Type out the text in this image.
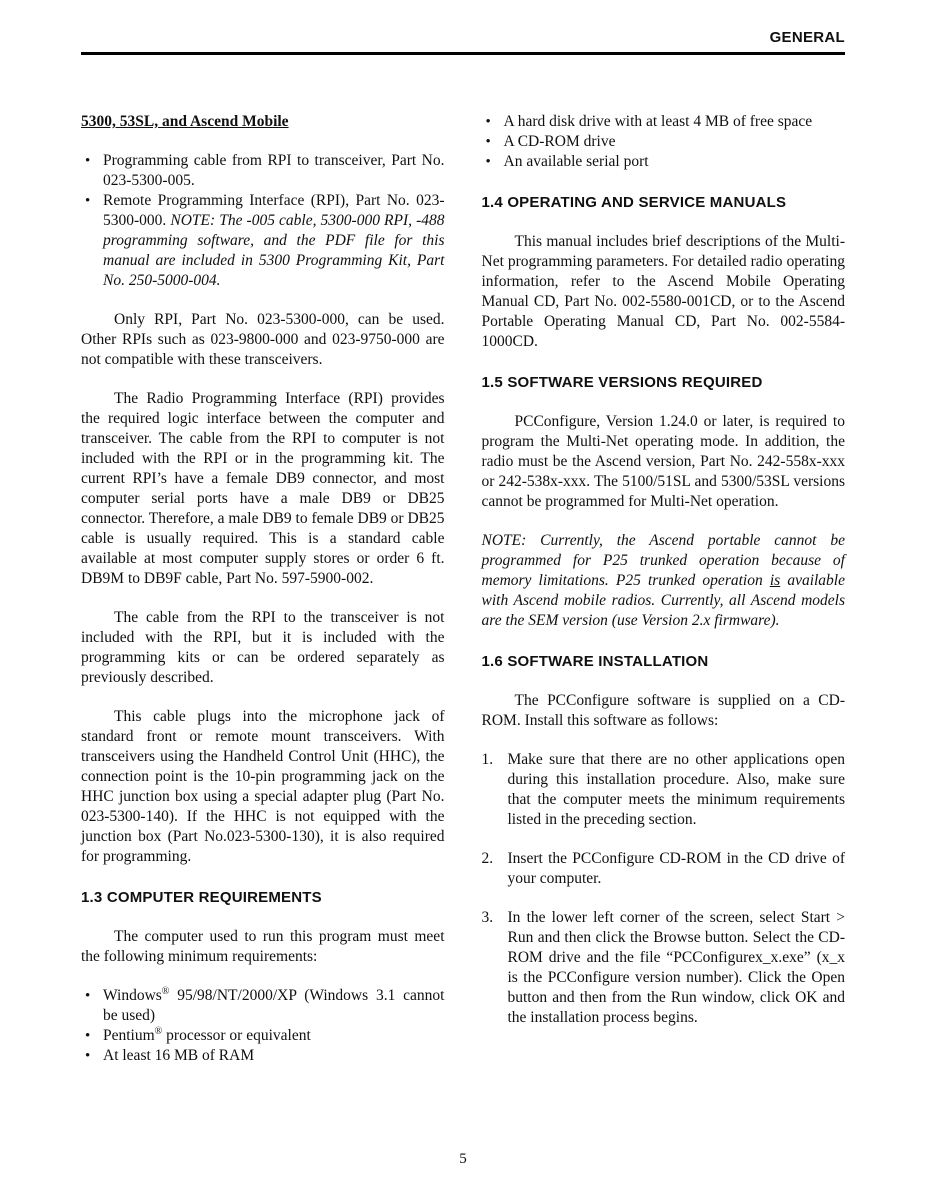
GENERAL
5300, 53SL, and Ascend Mobile
• Programming cable from RPI to transceiver, Part No. 023-5300-005.
• Remote Programming Interface (RPI), Part No. 023-5300-000. NOTE: The -005 cable, 5300-000 RPI, -488 programming software, and the PDF file for this manual are included in 5300 Programming Kit, Part No. 250-5000-004.

Only RPI, Part No. 023-5300-000, can be used. Other RPIs such as 023-9800-000 and 023-9750-000 are not compatible with these transceivers.

The Radio Programming Interface (RPI) provides the required logic interface between the computer and transceiver. The cable from the RPI to computer is not included with the RPI or in the programming kit. The current RPI’s have a female DB9 connector, and most computer serial ports have a male DB9 or DB25 connector. Therefore, a male DB9 to female DB9 or DB25 cable is usually required. This is a standard cable available at most computer supply stores or order 6 ft. DB9M to DB9F cable, Part No. 597-5900-002.

The cable from the RPI to the transceiver is not included with the RPI, but it is included with the programming kits or can be ordered separately as previously described.

This cable plugs into the microphone jack of standard front or remote mount transceivers. With transceivers using the Handheld Control Unit (HHC), the connection point is the 10-pin programming jack on the HHC junction box using a special adapter plug (Part No. 023-5300-140). If the HHC is not equipped with the junction box (Part No.023-5300-130), it is also required for programming.

1.3 COMPUTER REQUIREMENTS

The computer used to run this program must meet the following minimum requirements:

• Windows® 95/98/NT/2000/XP (Windows 3.1 cannot be used)
• Pentium® processor or equivalent
• At least 16 MB of RAM
• A hard disk drive with at least 4 MB of free space
• A CD-ROM drive
• An available serial port
1.4 OPERATING AND SERVICE MANUALS

This manual includes brief descriptions of the Multi-Net programming parameters. For detailed radio operating information, refer to the Ascend Mobile Operating Manual CD, Part No. 002-5580-001CD, or to the Ascend Portable Operating Manual CD, Part No. 002-5584-1000CD.

1.5 SOFTWARE VERSIONS REQUIRED

PCConfigure, Version 1.24.0 or later, is required to program the Multi-Net operating mode. In addition, the radio must be the Ascend version, Part No. 242-558x-xxx or 242-538x-xxx. The 5100/51SL and 5300/53SL versions cannot be programmed for Multi-Net operation.

NOTE: Currently, the Ascend portable cannot be programmed for P25 trunked operation because of memory limitations. P25 trunked operation is available with Ascend mobile radios. Currently, all Ascend models are the SEM version (use Version 2.x firmware).

1.6 SOFTWARE INSTALLATION

The PCConfigure software is supplied on a CD-ROM. Install this software as follows:

Make sure that there are no other applications open during this installation procedure. Also, make sure that the computer meets the minimum requirements listed in the preceding section.
Insert the PCConfigure CD-ROM in the CD drive of your computer.
In the lower left corner of the screen, select Start > Run and then click the Browse button. Select the CD-ROM drive and the file “PCConfigurex_x.exe” (x_x is the PCConfigure version number). Click the Open button and then from the Run window, click OK and the installation process begins.
5
